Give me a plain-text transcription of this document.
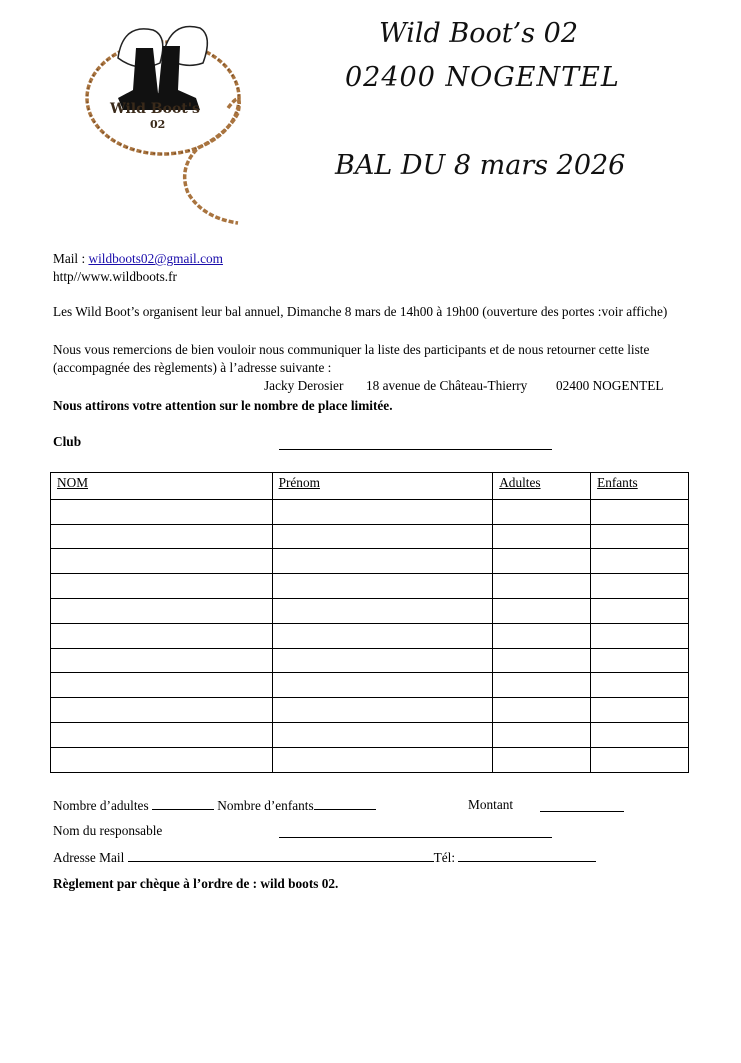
Wild Boot's
02
Wild Boot’s 02
02400 NOGENTEL
BAL DU 8 mars 2026
Mail : wildboots02@gmail.com
http//www.wildboots.fr
Les Wild Boot’s organisent leur bal annuel, Dimanche 8 mars de 14h00 à 19h00 (ouverture des portes :voir affiche)
Nous vous remercions de bien vouloir nous communiquer la liste des participants et de nous retourner cette liste
(accompagnée des règlements) à l’adresse suivante :
Jacky Derosier 18 avenue de Château-Thierry 02400 NOGENTEL
Nous attirons votre attention sur le nombre de place limitée.
Club
NOM	Prénom	Adultes	Enfants

Nombre d’adultes	Nombre d’enfants	Montant
Nom du responsable
Adresse Mail	Tél:
Règlement par chèque à l’ordre de : wild boots 02.
